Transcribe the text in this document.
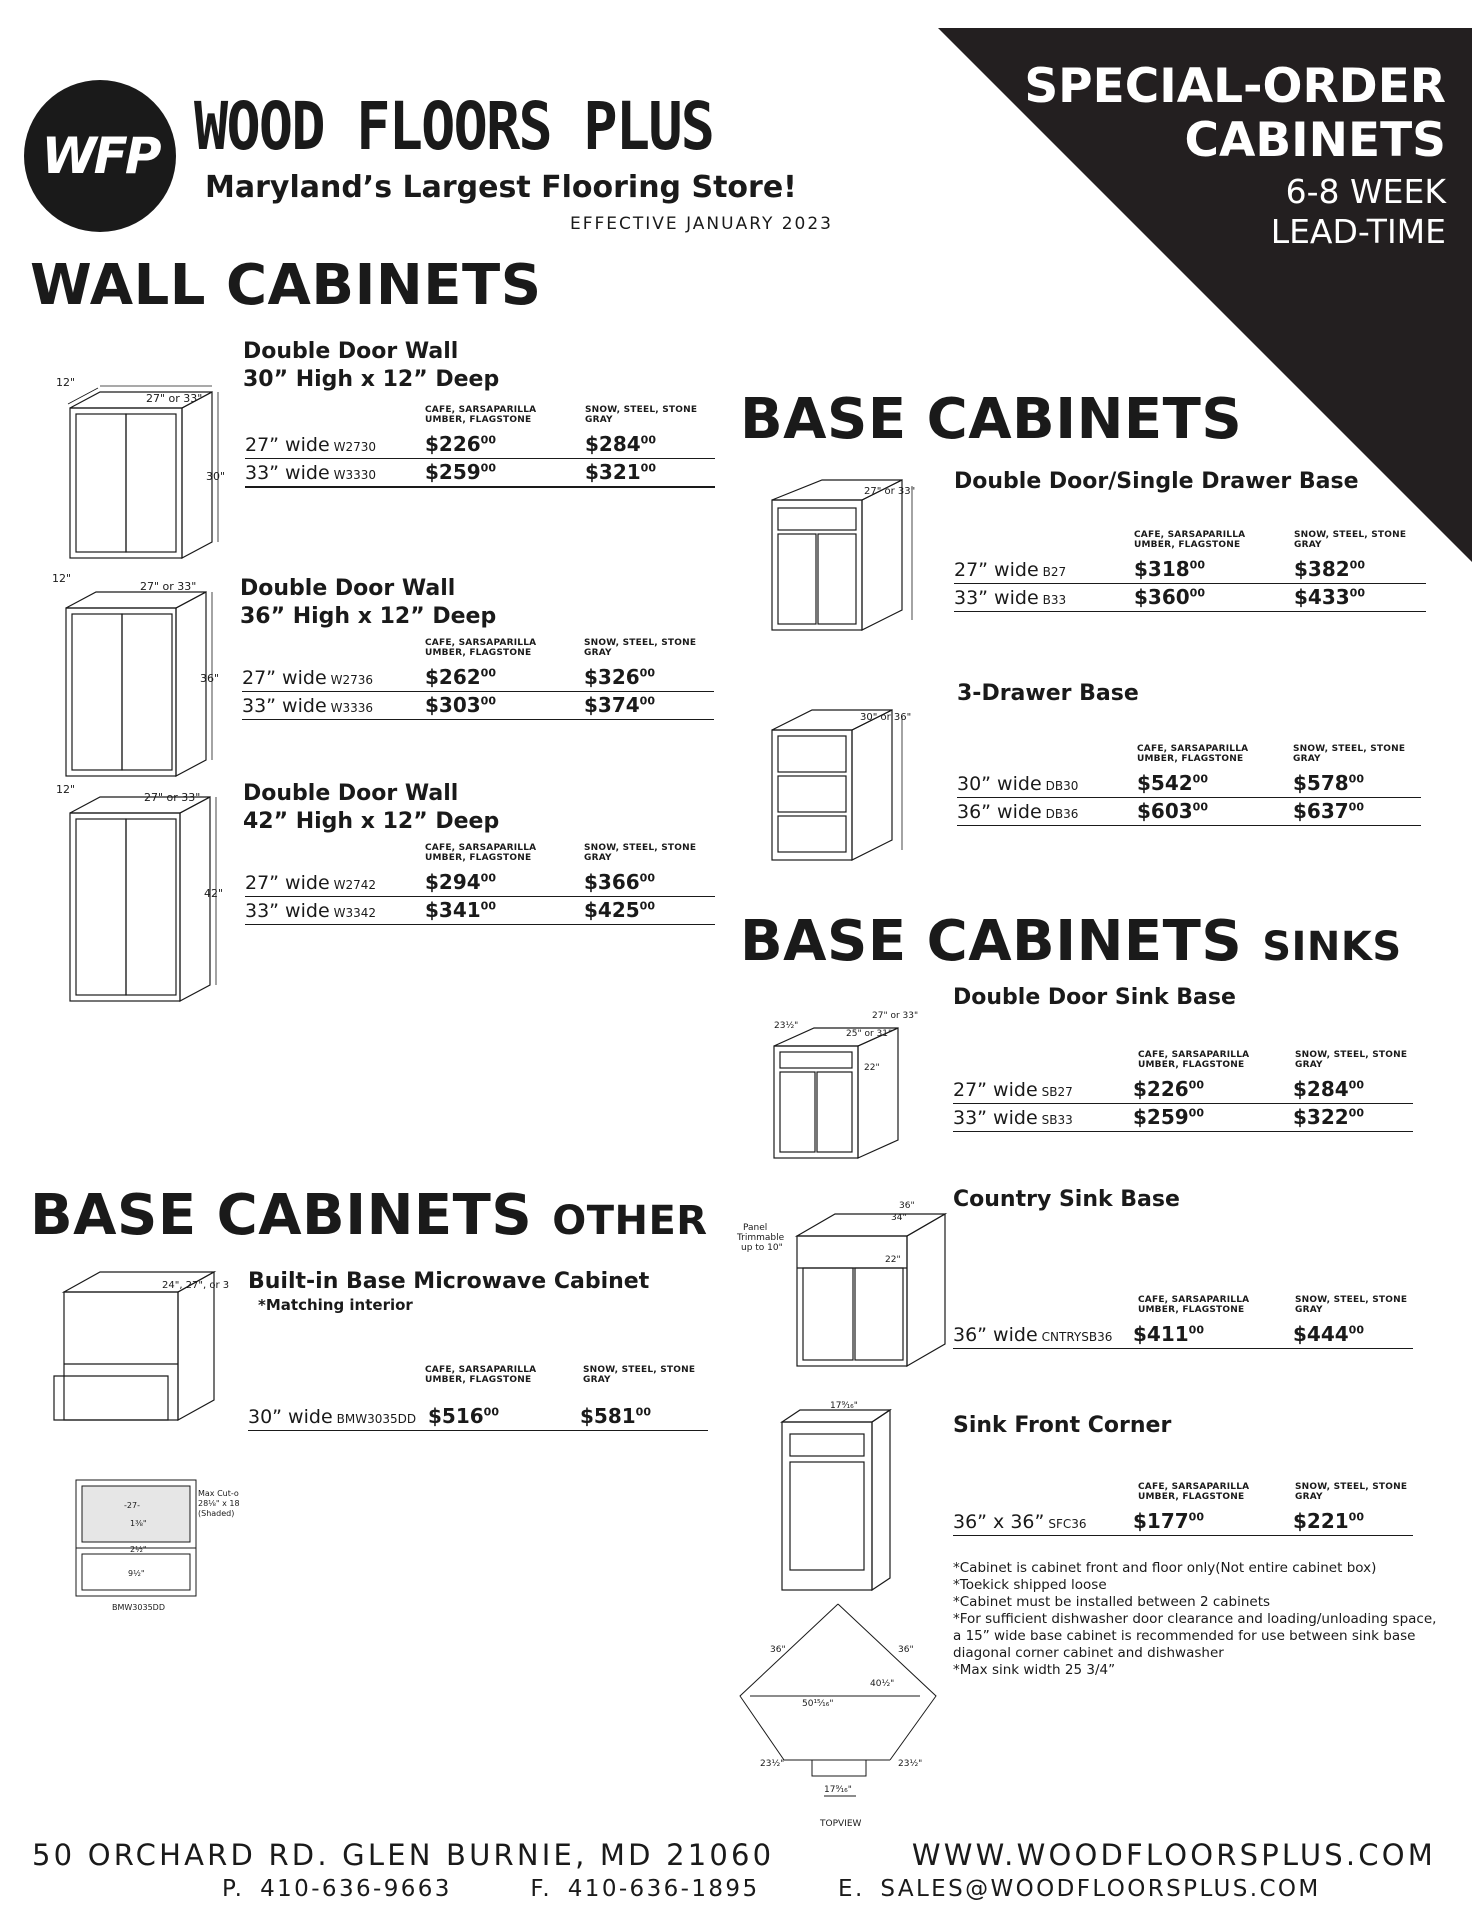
SPECIAL-ORDER
CABINETS
6-8 WEEK
LEAD-TIME
WFP WOOD FLOORS PLUS
Maryland’s Largest Flooring Store!
EFFECTIVE JANUARY 2023
WALL CABINETS
BASE CABINETS
BASE CABINETS SINKS
BASE CABINETS OTHER
Double Door Wall
30” High x 12” Deep
CAFE, SARSAPARILLA
UMBER, FLAGSTONE
SNOW, STEEL, STONE GRAY
27” wide W2730 $\$226^{00}$	$\$284^{00}$
33” wide W3330 $\$259^{00}$	$\$321^{00}$
Double Door Wall
36” High x 12” Deep
CAFE, SARSAPARILLA
UMBER, FLAGSTONE
SNOW, STEEL, STONE GRAY
27” wide W2736	$\$262^{00}$	$\$326^{00}$
33” wide W3336	$\$303^{00}$	$\$374^{00}$
Double Door Wall
42” High x 12” Deep
CAFE, SARSAPARILLA
UMBER, FLAGSTONE
SNOW, STEEL, STONE GRAY
27” wide W2742 $\$294^{00}$	$\$366^{00}$
33” wide W3342 $\$341^{00}$	$\$425^{00}$
Double Door/Single Drawer Base
CAFE, SARSAPARILLA
UMBER, FLAGSTONE
SNOW, STEEL, STONE GRAY
27” wide B27	$\$318^{00}$	$\$382^{00}$
33” wide B33	$\$360^{00}$	$\$433^{00}$
3-Drawer Base
CAFE, SARSAPARILLA
UMBER, FLAGSTONE
SNOW, STEEL, STONE GRAY
30” wide DB30	$\$542^{00}$	$\$578^{00}$
36” wide DB36	$\$603^{00}$	$\$637^{00}$
Double Door Sink Base
CAFE, SARSAPARILLA
UMBER, FLAGSTONE
SNOW, STEEL, STONE GRAY
27” wide SB27	$\$226^{00}$	$\$284^{00}$
33” wide SB33	$\$259^{00}$	$\$322^{00}$
Country Sink Base
CAFE, SARSAPARILLA
UMBER, FLAGSTONE
SNOW, STEEL, STONE GRAY
36” wide CNTRYSB36 $\$411^{00}$	$\$444^{00}$
Sink Front Corner
CAFE, SARSAPARILLA
UMBER, FLAGSTONE
SNOW, STEEL, STONE GRAY
36” x 36” SFC36 $\$177^{00}$	$\$221^{00}$
*Cabinet is cabinet front and floor only(Not entire cabinet box)
*Toekick shipped loose
*Cabinet must be installed between 2 cabinets
*For sufficient dishwasher door clearance and loading/unloading space,
a 15” wide base cabinet is recommended for use between sink base
diagonal corner cabinet and dishwasher
*Max sink width 25 3/4”
Built-in Base Microwave Cabinet
*Matching interior
CAFE, SARSAPARILLA
UMBER, FLAGSTONE
SNOW, STEEL, STONE GRAY
30” wide BMW3035DD $\$516^{00}$	$\$581^{00}$
12"
27" or 33"
30"
12"
27" or 33"
36"
12"
27" or 33"
42"
27" or 33"
30" or 36"
23½"
27" or 33"
25" or 31"
22"
Panel
Trimmable
up to 10"
36"
34"
22"
17⁹⁄₁₆"
36"	36"
50¹⁵⁄₁₆"
40½"
23½"	23½"
17⁹⁄₁₆"
TOPVIEW
24", 27", or 3
-27-
1⅜"
2½"
9½"
Max Cut-o
28⅛" x 18
(Shaded)
BMW3035DD
50 ORCHARD RD. GLEN BURNIE, MD 21060	WWW.WOODFLOORSPLUS.COM
P. 410-636-9663     F. 410-636-1895     E. SALES@WOODFLOORSPLUS.COM
